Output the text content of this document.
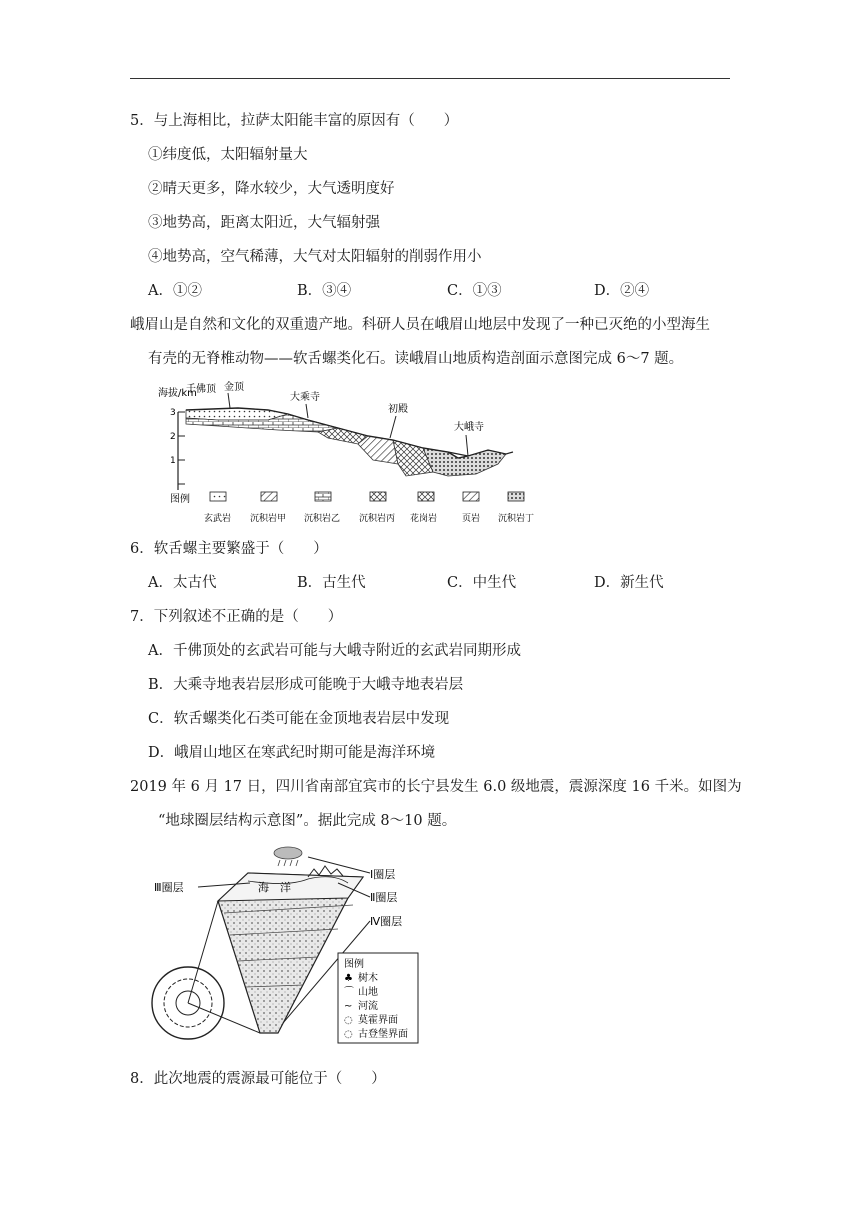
5．与上海相比，拉萨太阳能丰富的原因有（　　）
①纬度低，太阳辐射量大
②晴天更多，降水较少，大气透明度好
③地势高，距离太阳近，大气辐射强
④地势高，空气稀薄，大气对太阳辐射的削弱作用小
A．①②	B．③④	C．①③	D．②④
峨眉山是自然和文化的双重遗产地。科研人员在峨眉山地层中发现了一种已灭绝的小型海生
有壳的无脊椎动物——软舌螺类化石。读峨眉山地质构造剖面示意图完成 6～7 题。
海拔/km
3
2
1
千佛顶 金顶
大乘寺
初殿
大峨寺
图例
玄武岩 沉积岩甲 沉积岩乙 沉积岩丙 花岗岩	页岩 沉积岩丁
6．软舌螺主要繁盛于（　　）
A．太古代	B．古生代	C．中生代	D．新生代
7．下列叙述不正确的是（　　）
A．千佛顶处的玄武岩可能与大峨寺附近的玄武岩同期形成
B．大乘寺地表岩层形成可能晚于大峨寺地表岩层
C．软舌螺类化石类可能在金顶地表岩层中发现
D．峨眉山地区在寒武纪时期可能是海洋环境
2019 年 6 月 17 日，四川省南部宜宾市的长宁县发生 6.0 级地震，震源深度 16 千米。如图为
“地球圈层结构示意图”。据此完成 8～10 题。
Ⅰ圈层
海　洋
Ⅲ圈层
Ⅱ圈层
Ⅳ圈层
图例
♣ 树木
⌒ 山地
~ 河流
◌ 莫霍界面
◌ 古登堡界面
8．此次地震的震源最可能位于（　　）
